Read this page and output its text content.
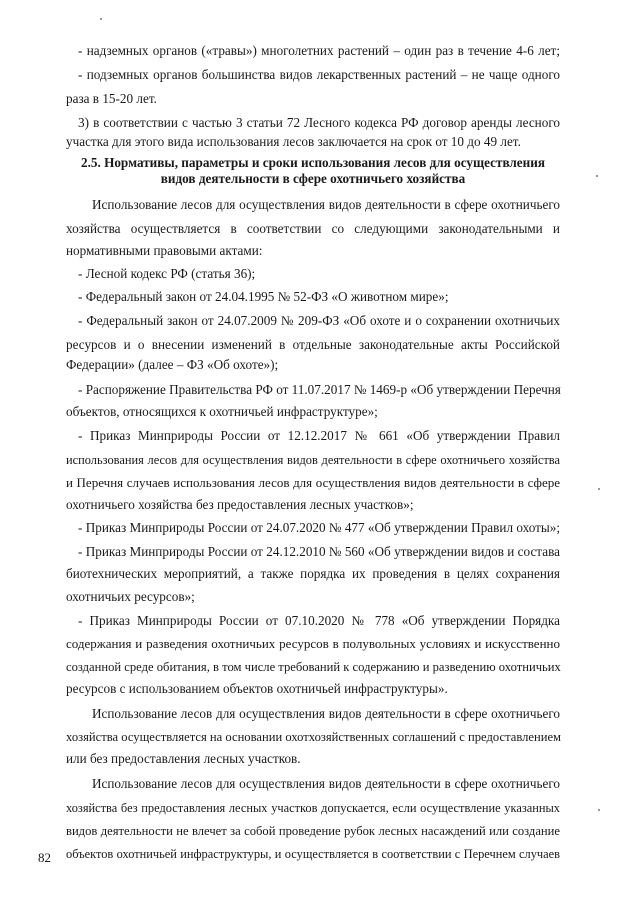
- надземных органов («травы») многолетних растений – один раз в течение 4-6 лет;
- подземных органов большинства видов лекарственных растений – не чаще одного
раза в 15-20 лет.
3) в соответствии с частью 3 статьи 72 Лесного кодекса РФ договор аренды лесного
участка для этого вида использования лесов заключается на срок от 10 до 49 лет.
2.5. Нормативы, параметры и сроки использования лесов для осуществления
видов деятельности в сфере охотничьего хозяйства
Использование лесов для осуществления видов деятельности в сфере охотничьего
хозяйства осуществляется в соответствии со следующими законодательными и
нормативными правовыми актами:
- Лесной кодекс РФ (статья 36);
- Федеральный закон от 24.04.1995 № 52-ФЗ «О животном мире»;
- Федеральный закон от 24.07.2009 № 209-ФЗ «Об охоте и о сохранении охотничьих
ресурсов и о внесении изменений в отдельные законодательные акты Российской
Федерации» (далее – ФЗ «Об охоте»);
- Распоряжение Правительства РФ от 11.07.2017 № 1469-р «Об утверждении Перечня
объектов, относящихся к охотничьей инфраструктуре»;
- Приказ Минприроды России от 12.12.2017 № 661 «Об утверждении Правил
использования лесов для осуществления видов деятельности в сфере охотничьего хозяйства
и Перечня случаев использования лесов для осуществления видов деятельности в сфере
охотничьего хозяйства без предоставления лесных участков»;
- Приказ Минприроды России от 24.07.2020 № 477 «Об утверждении Правил охоты»;
- Приказ Минприроды России от 24.12.2010 № 560 «Об утверждении видов и состава
биотехнических мероприятий, а также порядка их проведения в целях сохранения
охотничьих ресурсов»;
- Приказ Минприроды России от 07.10.2020 № 778 «Об утверждении Порядка
содержания и разведения охотничьих ресурсов в полувольных условиях и искусственно
созданной среде обитания, в том числе требований к содержанию и разведению охотничьих
ресурсов с использованием объектов охотничьей инфраструктуры».
Использование лесов для осуществления видов деятельности в сфере охотничьего
хозяйства осуществляется на основании охотхозяйственных соглашений с предоставлением
или без предоставления лесных участков.
Использование лесов для осуществления видов деятельности в сфере охотничьего
хозяйства без предоставления лесных участков допускается, если осуществление указанных
видов деятельности не влечет за собой проведение рубок лесных насаждений или создание
объектов охотничьей инфраструктуры, и осуществляется в соответствии с Перечнем случаев
82
